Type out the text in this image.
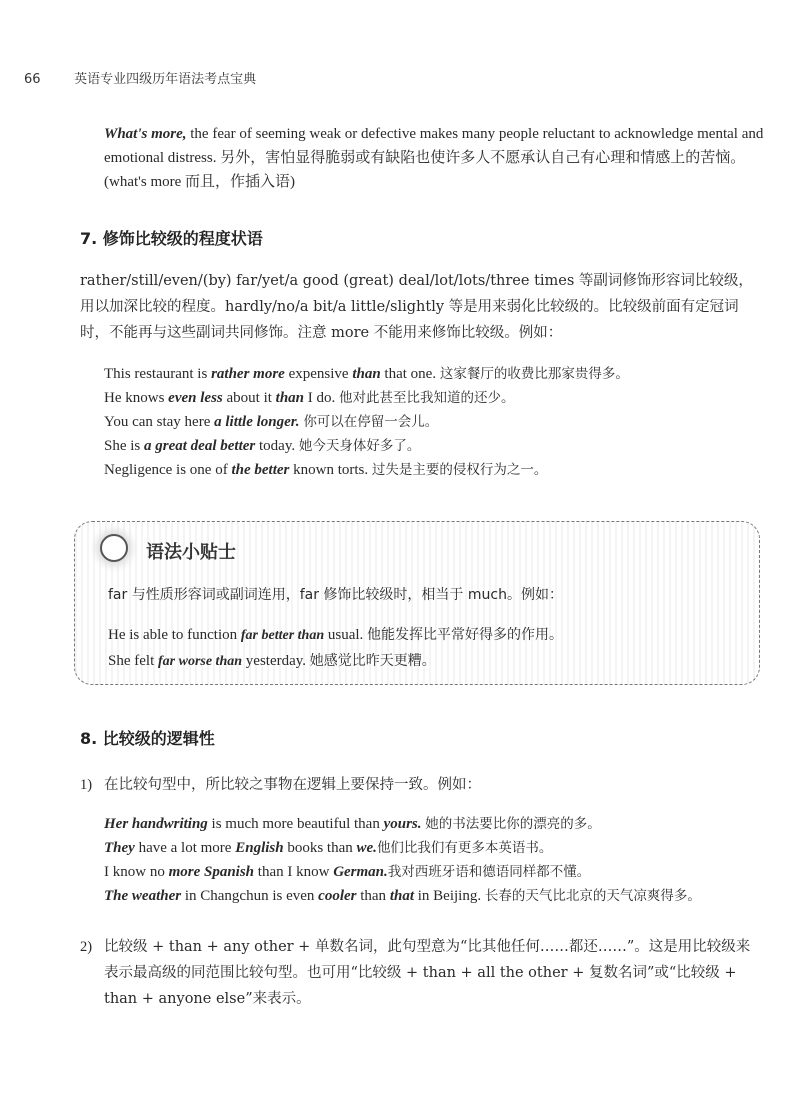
66	英语专业四级历年语法考点宝典
What's more, the fear of seeming weak or defective makes many people reluctant to acknowledge mental and emotional distress. 另外，害怕显得脆弱或有缺陷也使许多人不愿承认自己有心理和情感上的苦恼。(what's more 而且，作插入语)
7. 修饰比较级的程度状语
rather/still/even/(by) far/yet/a good (great) deal/lot/lots/three times 等副词修饰形容词比较级，用以加深比较的程度。hardly/no/a bit/a little/slightly 等是用来弱化比较级的。比较级前面有定冠词时，不能再与这些副词共同修饰。注意 more 不能用来修饰比较级。例如：
This restaurant is rather more expensive than that one. 这家餐厅的收费比那家贵得多。
He knows even less about it than I do. 他对此甚至比我知道的还少。
You can stay here a little longer. 你可以在停留一会儿。
She is a great deal better today. 她今天身体好多了。
Negligence is one of the better known torts. 过失是主要的侵权行为之一。
语法小贴士
far 与性质形容词或副词连用，far 修饰比较级时，相当于 much。例如：
He is able to function far better than usual. 他能发挥比平常好得多的作用。
She felt far worse than yesterday. 她感觉比昨天更糟。
8. 比较级的逻辑性
1) 在比较句型中，所比较之事物在逻辑上要保持一致。例如：
Her handwriting is much more beautiful than yours. 她的书法要比你的漂亮的多。
They have a lot more English books than we.他们比我们有更多本英语书。
I know no more Spanish than I know German.我对西班牙语和德语同样都不懂。
The weather in Changchun is even cooler than that in Beijing. 长春的天气比北京的天气凉爽得多。
2) 比较级 + than + any other + 单数名词，此句型意为“比其他任何……都还……”。这是用比较级来表示最高级的同范围比较句型。也可用“比较级 + than + all the other + 复数名词”或“比较级 + than + anyone else”来表示。
